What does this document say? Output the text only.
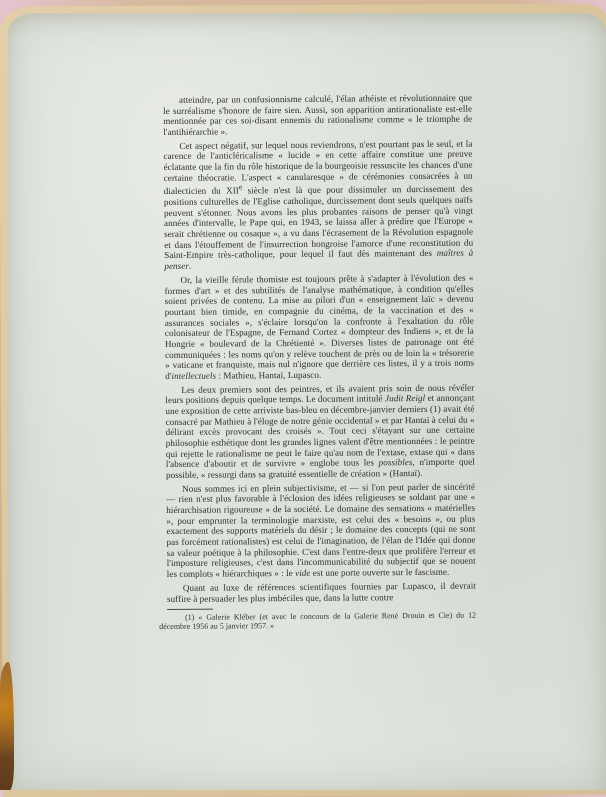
atteindre, par un confusionnisme calculé, l'élan athéiste et révolutionnaire que le surréalisme s'honore de faire sien. Aussi, son apparition antirationaliste est-elle mentionnée par ces soi-disant ennemis du rationalisme comme « le triomphe de l'antihiérarchie ».

Cet aspect négatif, sur lequel nous reviendrons, n'est pourtant pas le seul, et la carence de l'anticléricalisme « lucide » en cette affaire constitue une preuve éclatante que la fin du rôle historique de la bourgeoisie ressuscite les chances d'une certaine théocratie. L'aspect « canularesque » de cérémonies consacrées à un dialecticien du XIIe siècle n'est là que pour dissimuler un durcissement des positions culturelles de l'Eglise catholique, durcissement dont seuls quelques naïfs peuvent s'étonner. Nous avons les plus probantes raisons de penser qu'à vingt années d'intervalle, le Pape qui, en 1943, se laissa aller à prédire que l'Europe « serait chrétienne ou cosaque », a vu dans l'écrasement de la Révolution espagnole et dans l'étouffement de l'insurrection hongroise l'amorce d'une reconstitution du Saint-Empire très-catholique, pour lequel il faut dès maintenant des maîtres à penser.

Or, la vieille férule thomiste est toujours prête à s'adapter à l'évolution des « formes d'art » et des subtilités de l'analyse mathématique, à condition qu'elles soient privées de contenu. La mise au pilori d'un « enseignement laïc » devenu pourtant bien timide, en compagnie du cinéma, de la vaccination et des « assurances sociales », s'éclaire lorsqu'on la confronte à l'exaltation du rôle colonisateur de l'Espagne, de Fernand Cortez « dompteur des Indiens », et de la Hongrie « boulevard de la Chrétienté ». Diverses listes de patronage ont été communiquées : les noms qu'on y relève touchent de près ou de loin la « trésorerie » vaticane et franquiste, mais nul n'ignore que derrière ces listes, il y a trois noms d'intellectuels : Mathieu, Hantaï, Lupasco.

Les deux premiers sont des peintres, et ils avaient pris soin de nous révéler leurs positions depuis quelque temps. Le document intitulé Judit Reigl et annonçant une exposition de cette arriviste bas-bleu en décembre-janvier derniers (1) avait été consacré par Mathieu à l'éloge de notre génie occidental » et par Hantaï à celui du « délirant excès provocant des croisés ». Tout ceci s'étayant sur une certaine philosophie esthétique dont les grandes lignes valent d'être mentionnées : le peintre qui rejette le rationalisme ne peut le faire qu'au nom de l'extase, extase qui « dans l'absence d'aboutir et de survivre » englobe tous les possibles, n'importe quel possible, « ressurgi dans sa gratuité essentielle de création » (Hantaï).

Nous sommes ici en plein subjectivisme, et — si l'on peut parler de sincérité — rien n'est plus favorable à l'éclosion des idées religieuses se soldant par une « hiérarchisation rigoureuse » de la société. Le domaine des sensations « matérielles », pour emprunter la terminologie marxiste, est celui des « besoins », ou plus exactement des supports matériels du désir ; le domaine des concepts (qui ne sont pas forcément rationalistes) est celui de l'imagination, de l'élan de l'Idée qui donne sa valeur poétique à la philosophie. C'est dans l'entre-deux que prolifère l'erreur et l'imposture religieuses, c'est dans l'incommunicabilité du subjectif que se nouent les complots « hiérarchiques » : le vide est une porte ouverte sur le fascisme.

Quant au luxe de références scientifiques fournies par Lupasco, il devrait suffire à persuader les plus imbéciles que, dans la lutte contre

(1) « Galerie Kléber (et avec le concours de la Galerie René Drouin et Cie) du 12 décembre 1956 au 5 janvier 1957. »
